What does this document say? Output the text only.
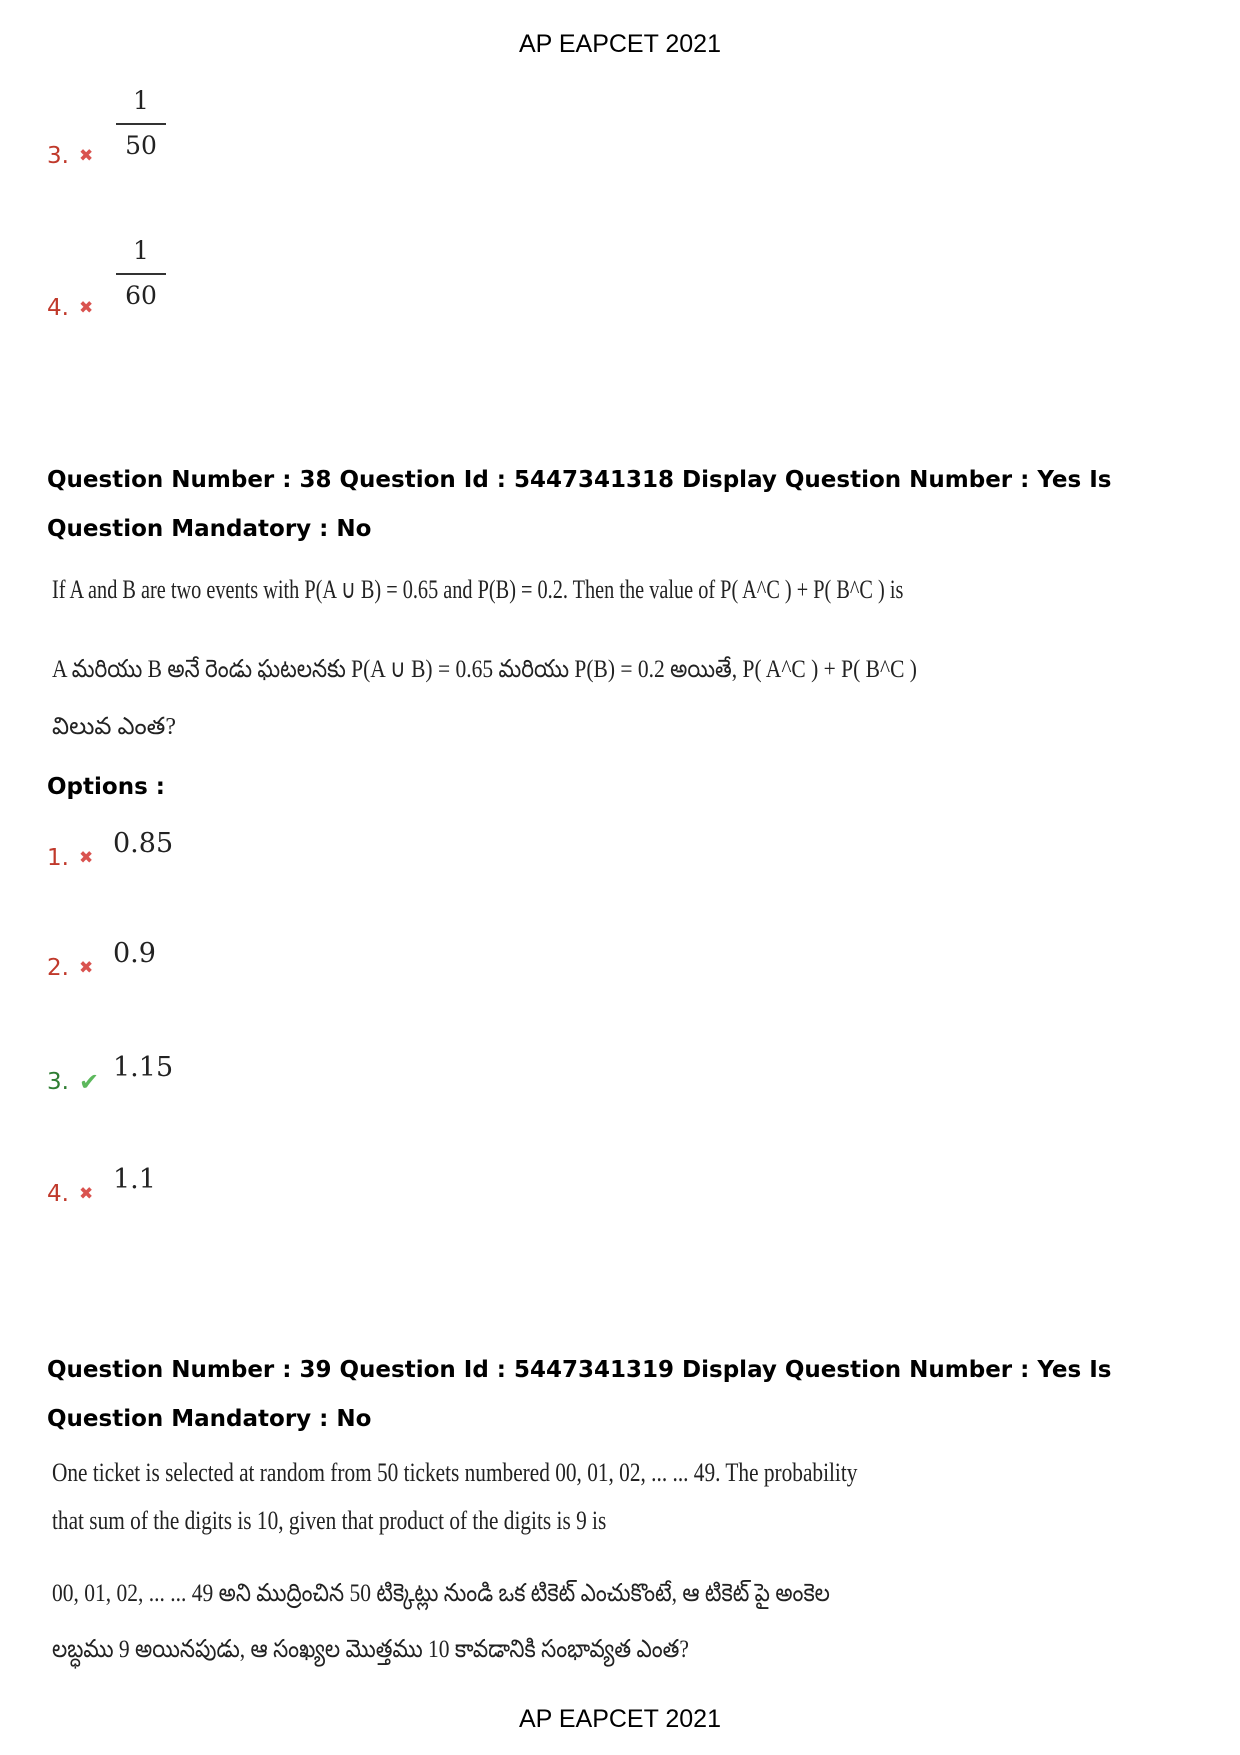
AP EAPCET 2021
3. ✖
1
50
4. ✖
1
60
Question Number : 38 Question Id : 5447341318 Display Question Number : Yes Is Question Mandatory : No
If A and B are two events with P(A ∪ B) = 0.65 and P(B) = 0.2. Then the value of P( A^C ) + P( B^C ) is
A మరియు B అనే రెండు ఘటలనకు P(A ∪ B) = 0.65 మరియు P(B) = 0.2 అయితే, P( A^C ) + P( B^C )
విలువ ఎంత?
Options :
1. ✖ 0.85
2. ✖ 0.9
3. ✔ 1.15
4. ✖ 1.1
Question Number : 39 Question Id : 5447341319 Display Question Number : Yes Is Question Mandatory : No
One ticket is selected at random from 50 tickets numbered 00, 01, 02, ... ... 49. The probability
that sum of the digits is 10, given that product of the digits is 9 is
00, 01, 02, ... ... 49 అని ముద్రించిన 50 టిక్కెట్లు నుండి ఒక టికెట్ ఎంచుకొంటే, ఆ టికెట్ పై అంకెల
లబ్ధము 9 అయినపుడు, ఆ సంఖ్యల మొత్తము 10 కావడానికి సంభావ్యత ఎంత?
AP EAPCET 2021
